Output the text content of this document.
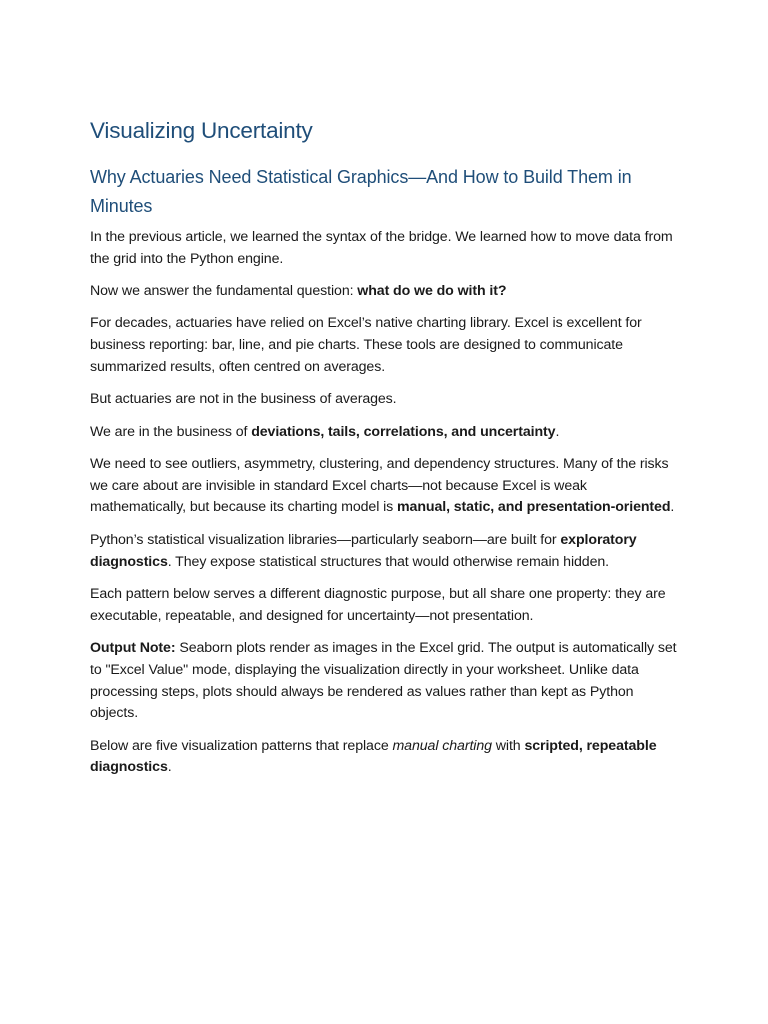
Visualizing Uncertainty
Why Actuaries Need Statistical Graphics—And How to Build Them in Minutes

In the previous article, we learned the syntax of the bridge. We learned how to move data from the grid into the Python engine.

Now we answer the fundamental question: what do we do with it?

For decades, actuaries have relied on Excel’s native charting library. Excel is excellent for business reporting: bar, line, and pie charts. These tools are designed to communicate summarized results, often centred on averages.

But actuaries are not in the business of averages.

We are in the business of deviations, tails, correlations, and uncertainty.

We need to see outliers, asymmetry, clustering, and dependency structures. Many of the risks we care about are invisible in standard Excel charts—not because Excel is weak mathematically, but because its charting model is manual, static, and presentation-oriented.

Python’s statistical visualization libraries—particularly seaborn—are built for exploratory diagnostics. They expose statistical structures that would otherwise remain hidden.

Each pattern below serves a different diagnostic purpose, but all share one property: they are executable, repeatable, and designed for uncertainty—not presentation.

Output Note: Seaborn plots render as images in the Excel grid. The output is automatically set to "Excel Value" mode, displaying the visualization directly in your worksheet. Unlike data processing steps, plots should always be rendered as values rather than kept as Python objects.

Below are five visualization patterns that replace manual charting with scripted, repeatable diagnostics.
